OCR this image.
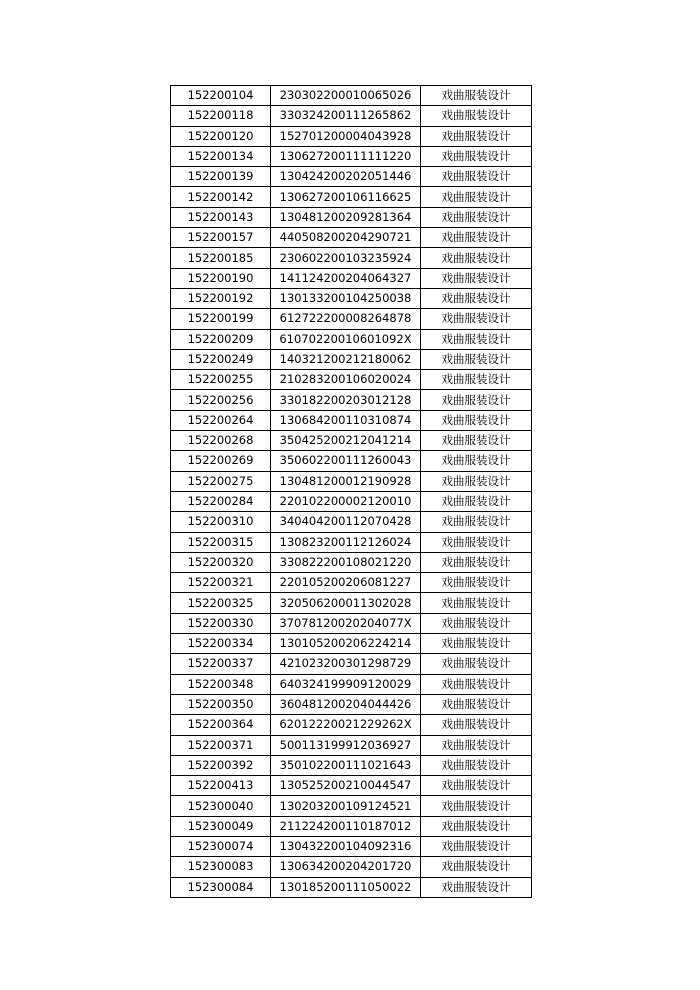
152200104	230302200010065026	戏曲服装设计
152200118	330324200111265862	戏曲服装设计
152200120	152701200004043928	戏曲服装设计
152200134	130627200111111220	戏曲服装设计
152200139	130424200202051446	戏曲服装设计
152200142	130627200106116625	戏曲服装设计
152200143	130481200209281364	戏曲服装设计
152200157	440508200204290721	戏曲服装设计
152200185	230602200103235924	戏曲服装设计
152200190	141124200204064327	戏曲服装设计
152200192	130133200104250038	戏曲服装设计
152200199	612722200008264878	戏曲服装设计
152200209	61070220010601092X	戏曲服装设计
152200249	140321200212180062	戏曲服装设计
152200255	210283200106020024	戏曲服装设计
152200256	330182200203012128	戏曲服装设计
152200264	130684200110310874	戏曲服装设计
152200268	350425200212041214	戏曲服装设计
152200269	350602200111260043	戏曲服装设计
152200275	130481200012190928	戏曲服装设计
152200284	220102200002120010	戏曲服装设计
152200310	340404200112070428	戏曲服装设计
152200315	130823200112126024	戏曲服装设计
152200320	330822200108021220	戏曲服装设计
152200321	220105200206081227	戏曲服装设计
152200325	320506200011302028	戏曲服装设计
152200330	37078120020204077X	戏曲服装设计
152200334	130105200206224214	戏曲服装设计
152200337	421023200301298729	戏曲服装设计
152200348	640324199909120029	戏曲服装设计
152200350	360481200204044426	戏曲服装设计
152200364	62012220021229262X	戏曲服装设计
152200371	500113199912036927	戏曲服装设计
152200392	350102200111021643	戏曲服装设计
152200413	130525200210044547	戏曲服装设计
152300040	130203200109124521	戏曲服装设计
152300049	211224200110187012	戏曲服装设计
152300074	130432200104092316	戏曲服装设计
152300083	130634200204201720	戏曲服装设计
152300084	130185200111050022	戏曲服装设计
